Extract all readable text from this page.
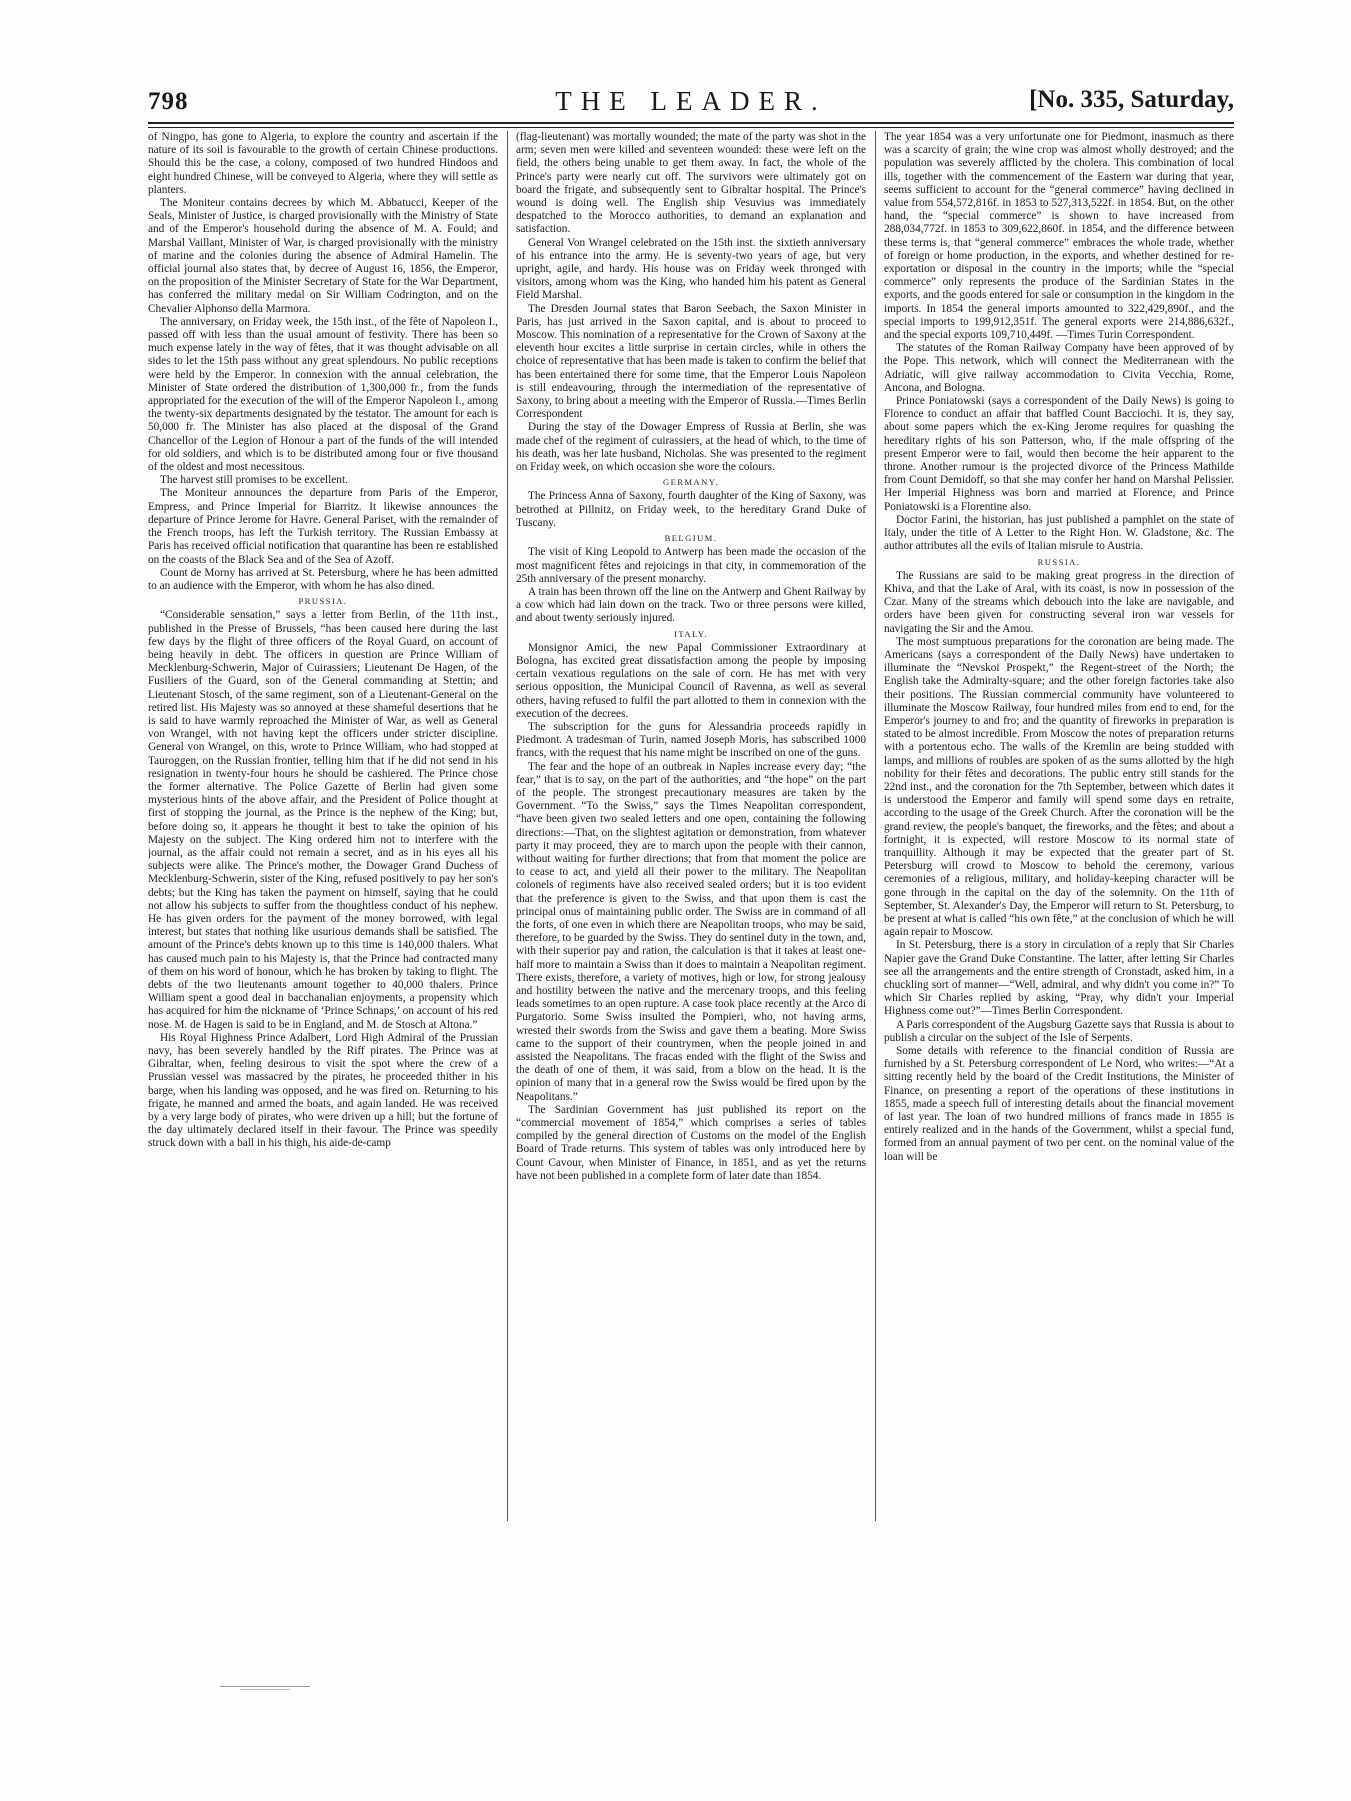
798	THE LEADER.	[No. 335, Saturday,

of Ningpo, has gone to Algeria, to explore the country and ascertain if the nature of its soil is favourable to the growth of certain Chinese productions. Should this be the case, a colony, composed of two hundred Hindoos and eight hundred Chinese, will be conveyed to Algeria, where they will settle as planters.

The Moniteur contains decrees by which M. Abbatucci, Keeper of the Seals, Minister of Justice, is charged provisionally with the Ministry of State and of the Emperor's household during the absence of M. A. Fould; and Marshal Vaillant, Minister of War, is charged provisionally with the ministry of marine and the colonies during the absence of Admiral Hamelin. The official journal also states that, by decree of August 16, 1856, the Emperor, on the proposition of the Minister Secretary of State for the War Department, has conferred the military medal on Sir William Codrington, and on the Chevalier Alphonso della Marmora.

The anniversary, on Friday week, the 15th inst., of the fête of Napoleon I., passed off with less than the usual amount of festivity. There has been so much expense lately in the way of fêtes, that it was thought advisable on all sides to let the 15th pass without any great splendours. No public receptions were held by the Emperor. In connexion with the annual celebration, the Minister of State ordered the distribution of 1,300,000 fr., from the funds appropriated for the execution of the will of the Emperor Napoleon I., among the twenty-six departments designated by the testator. The amount for each is 50,000 fr. The Minister has also placed at the disposal of the Grand Chancellor of the Legion of Honour a part of the funds of the will intended for old soldiers, and which is to be distributed among four or five thousand of the oldest and most necessitous.

The harvest still promises to be excellent.

The Moniteur announces the departure from Paris of the Emperor, Empress, and Prince Imperial for Biarritz. It likewise announces the departure of Prince Jerome for Havre. General Pariset, with the remainder of the French troops, has left the Turkish territory. The Russian Embassy at Paris has received official notification that quarantine has been re established on the coasts of the Black Sea and of the Sea of Azoff.

Count de Morny has arrived at St. Petersburg, where he has been admitted to an audience with the Emperor, with whom he has also dined.

PRUSSIA.

“Considerable sensation,” says a letter from Berlin, of the 11th inst., published in the Presse of Brussels, “has been caused here during the last few days by the flight of three officers of the Royal Guard, on account of being heavily in debt. The officers in question are Prince William of Mecklenburg-Schwerin, Major of Cuirassiers; Lieutenant De Hagen, of the Fusiliers of the Guard, son of the General commanding at Stettin; and Lieutenant Stosch, of the same regiment, son of a Lieutenant-General on the retired list. His Majesty was so annoyed at these shameful desertions that he is said to have warmly reproached the Minister of War, as well as General von Wrangel, with not having kept the officers under stricter discipline. General von Wrangel, on this, wrote to Prince William, who had stopped at Tauroggen, on the Russian frontier, telling him that if he did not send in his resignation in twenty-four hours he should be cashiered. The Prince chose the former alternative. The Police Gazette of Berlin had given some mysterious hints of the above affair, and the President of Police thought at first of stopping the journal, as the Prince is the nephew of the King; but, before doing so, it appears he thought it best to take the opinion of his Majesty on the subject. The King ordered him not to interfere with the journal, as the affair could not remain a secret, and as in his eyes all his subjects were alike. The Prince's mother, the Dowager Grand Duchess of Mecklenburg-Schwerin, sister of the King, refused positively to pay her son's debts; but the King has taken the payment on himself, saying that he could not allow his subjects to suffer from the thoughtless conduct of his nephew. He has given orders for the payment of the money borrowed, with legal interest, but states that nothing like usurious demands shall be satisfied. The amount of the Prince's debts known up to this time is 140,000 thalers. What has caused much pain to his Majesty is, that the Prince had contracted many of them on his word of honour, which he has broken by taking to flight. The debts of the two lieutenants amount together to 40,000 thalers. Prince William spent a good deal in bacchanalian enjoyments, a propensity which has acquired for him the nickname of ‘Prince Schnaps,’ on account of his red nose. M. de Hagen is said to be in England, and M. de Stosch at Altona.”

His Royal Highness Prince Adalbert, Lord High Admiral of the Prussian navy, has been severely handled by the Riff pirates. The Prince was at Gibraltar, when, feeling desirous to visit the spot where the crew of a Prussian vessel was massacred by the pirates, he proceeded thither in his barge, when his landing was opposed, and he was fired on. Returning to his frigate, he manned and armed the boats, and again landed. He was received by a very large body of pirates, who were driven up a hill; but the fortune of the day ultimately declared itself in their favour. The Prince was speedily struck down with a ball in his thigh, his aide-de-camp

(flag-lieutenant) was mortally wounded; the mate of the party was shot in the arm; seven men were killed and seventeen wounded: these were left on the field, the others being unable to get them away. In fact, the whole of the Prince's party were nearly cut off. The survivors were ultimately got on board the frigate, and subsequently sent to Gibraltar hospital. The Prince's wound is doing well. The English ship Vesuvius was immediately despatched to the Morocco authorities, to demand an explanation and satisfaction.

General Von Wrangel celebrated on the 15th inst. the sixtieth anniversary of his entrance into the army. He is seventy-two years of age, but very upright, agile, and hardy. His house was on Friday week thronged with visitors, among whom was the King, who handed him his patent as General Field Marshal.

The Dresden Journal states that Baron Seebach, the Saxon Minister in Paris, has just arrived in the Saxon capital, and is about to proceed to Moscow. This nomination of a representative for the Crown of Saxony at the eleventh hour excites a little surprise in certain circles, while in others the choice of representative that has been made is taken to confirm the belief that has been entertained there for some time, that the Emperor Louis Napoleon is still endeavouring, through the intermediation of the representative of Saxony, to bring about a meeting with the Emperor of Russia.—Times Berlin Correspondent

During the stay of the Dowager Empress of Russia at Berlin, she was made chef of the regiment of cuirassiers, at the head of which, to the time of his death, was her late husband, Nicholas. She was presented to the regiment on Friday week, on which occasion she wore the colours.

GERMANY.

The Princess Anna of Saxony, fourth daughter of the King of Saxony, was betrothed at Pillnitz, on Friday week, to the hereditary Grand Duke of Tuscany.

BELGIUM.

The visit of King Leopold to Antwerp has been made the occasion of the most magnificent fêtes and rejoicings in that city, in commemoration of the 25th anniversary of the present monarchy.

A train has been thrown off the line on the Antwerp and Ghent Railway by a cow which had lain down on the track. Two or three persons were killed, and about twenty seriously injured.

ITALY.

Monsignor Amici, the new Papal Commissioner Extraordinary at Bologna, has excited great dissatisfaction among the people by imposing certain vexatious regulations on the sale of corn. He has met with very serious opposition, the Municipal Council of Ravenna, as well as several others, having refused to fulfil the part allotted to them in connexion with the execution of the decrees.

The subscription for the guns for Alessandria proceeds rapidly in Piedmont. A tradesman of Turin, named Joseph Moris, has subscribed 1000 francs, with the request that his name might be inscribed on one of the guns.

The fear and the hope of an outbreak in Naples increase every day; “the fear,” that is to say, on the part of the authorities, and “the hope” on the part of the people. The strongest precautionary measures are taken by the Government. “To the Swiss,” says the Times Neapolitan correspondent, “have been given two sealed letters and one open, containing the following directions:—That, on the slightest agitation or demonstration, from whatever party it may proceed, they are to march upon the people with their cannon, without waiting for further directions; that from that moment the police are to cease to act, and yield all their power to the military. The Neapolitan colonels of regiments have also received sealed orders; but it is too evident that the preference is given to the Swiss, and that upon them is cast the principal onus of maintaining public order. The Swiss are in command of all the forts, of one even in which there are Neapolitan troops, who may be said, therefore, to be guarded by the Swiss. They do sentinel duty in the town, and, with their superior pay and ration, the calculation is that it takes at least one-half more to maintain a Swiss than it does to maintain a Neapolitan regiment. There exists, therefore, a variety of motives, high or low, for strong jealousy and hostility between the native and the mercenary troops, and this feeling leads sometimes to an open rupture. A case took place recently at the Arco di Purgatorio. Some Swiss insulted the Pompieri, who, not having arms, wrested their swords from the Swiss and gave them a beating. More Swiss came to the support of their countrymen, when the people joined in and assisted the Neapolitans. The fracas ended with the flight of the Swiss and the death of one of them, it was said, from a blow on the head. It is the opinion of many that in a general row the Swiss would be fired upon by the Neapolitans.”

The Sardinian Government has just published its report on the “commercial movement of 1854,” which comprises a series of tables compiled by the general direction of Customs on the model of the English Board of Trade returns. This system of tables was only introduced here by Count Cavour, when Minister of Finance, in 1851, and as yet the returns have not been published in a complete form of later date than 1854.

The year 1854 was a very unfortunate one for Piedmont, inasmuch as there was a scarcity of grain; the wine crop was almost wholly destroyed; and the population was severely afflicted by the cholera. This combination of local ills, together with the commencement of the Eastern war during that year, seems sufficient to account for the “general commerce” having declined in value from 554,572,816f. in 1853 to 527,313,522f. in 1854. But, on the other hand, the “special commerce” is shown to have increased from 288,034,772f. in 1853 to 309,622,860f. in 1854, and the difference between these terms is, that “general commerce” embraces the whole trade, whether of foreign or home production, in the exports, and whether destined for re-exportation or disposal in the country in the imports; while the “special commerce” only represents the produce of the Sardinian States in the exports, and the goods entered for sale or consumption in the kingdom in the imports. In 1854 the general imports amounted to 322,429,890f., and the special imports to 199,912,351f. The general exports were 214,886,632f., and the special exports 109,710,449f. —Times Turin Correspondent.

The statutes of the Roman Railway Company have been approved of by the Pope. This network, which will connect the Mediterranean with the Adriatic, will give railway accommodation to Civita Vecchia, Rome, Ancona, and Bologna.

Prince Poniatowski (says a correspondent of the Daily News) is going to Florence to conduct an affair that baffled Count Bacciochi. It is, they say, about some papers which the ex-King Jerome requires for quashing the hereditary rights of his son Patterson, who, if the male offspring of the present Emperor were to fail, would then become the heir apparent to the throne. Another rumour is the projected divorce of the Princess Mathilde from Count Demidoff, so that she may confer her hand on Marshal Pelissier. Her Imperial Highness was born and married at Florence, and Prince Poniatowski is a Florentine also.

Doctor Farini, the historian, has just published a pamphlet on the state of Italy, under the title of A Letter to the Right Hon. W. Gladstone, &c. The author attributes all the evils of Italian misrule to Austria.

RUSSIA.

The Russians are said to be making great progress in the direction of Khiva, and that the Lake of Aral, with its coast, is now in possession of the Czar. Many of the streams which debouch into the lake are navigable, and orders have been given for constructing several iron war vessels for navigating the Sir and the Amou.

The most sumptuous preparations for the coronation are being made. The Americans (says a correspondent of the Daily News) have undertaken to illuminate the “Nevskoi Prospekt,” the Regent-street of the North; the English take the Admiralty-square; and the other foreign factories take also their positions. The Russian commercial community have volunteered to illuminate the Moscow Railway, four hundred miles from end to end, for the Emperor's journey to and fro; and the quantity of fireworks in preparation is stated to be almost incredible. From Moscow the notes of preparation returns with a portentous echo. The walls of the Kremlin are being studded with lamps, and millions of roubles are spoken of as the sums allotted by the high nobility for their fêtes and decorations. The public entry still stands for the 22nd inst., and the coronation for the 7th September, between which dates it is understood the Emperor and family will spend some days en retraite, according to the usage of the Greek Church. After the coronation will be the grand review, the people's banquet, the fireworks, and the fêtes; and about a fortnight, it is expected, will restore Moscow to its normal state of tranquillity. Although it may be expected that the greater part of St. Petersburg will crowd to Moscow to behold the ceremony, various ceremonies of a religious, military, and holiday-keeping character will be gone through in the capital on the day of the solemnity. On the 11th of September, St. Alexander's Day, the Emperor will return to St. Petersburg, to be present at what is called “his own fête,” at the conclusion of which he will again repair to Moscow.

In St. Petersburg, there is a story in circulation of a reply that Sir Charles Napier gave the Grand Duke Constantine. The latter, after letting Sir Charles see all the arrangements and the entire strength of Cronstadt, asked him, in a chuckling sort of manner—“Well, admiral, and why didn't you come in?” To which Sir Charles replied by asking, “Pray, why didn't your Imperial Highness come out?”—Times Berlin Correspondent.

A Paris correspondent of the Augsburg Gazette says that Russia is about to publish a circular on the subject of the Isle of Serpents.

Some details with reference to the financial condition of Russia are furnished by a St. Petersburg correspondent of Le Nord, who writes:—“At a sitting recently held by the board of the Credit Institutions, the Minister of Finance, on presenting a report of the operations of these institutions in 1855, made a speech full of interesting details about the financial movement of last year. The loan of two hundred millions of francs made in 1855 is entirely realized and in the hands of the Government, whilst a special fund, formed from an annual payment of two per cent. on the nominal value of the loan will be
